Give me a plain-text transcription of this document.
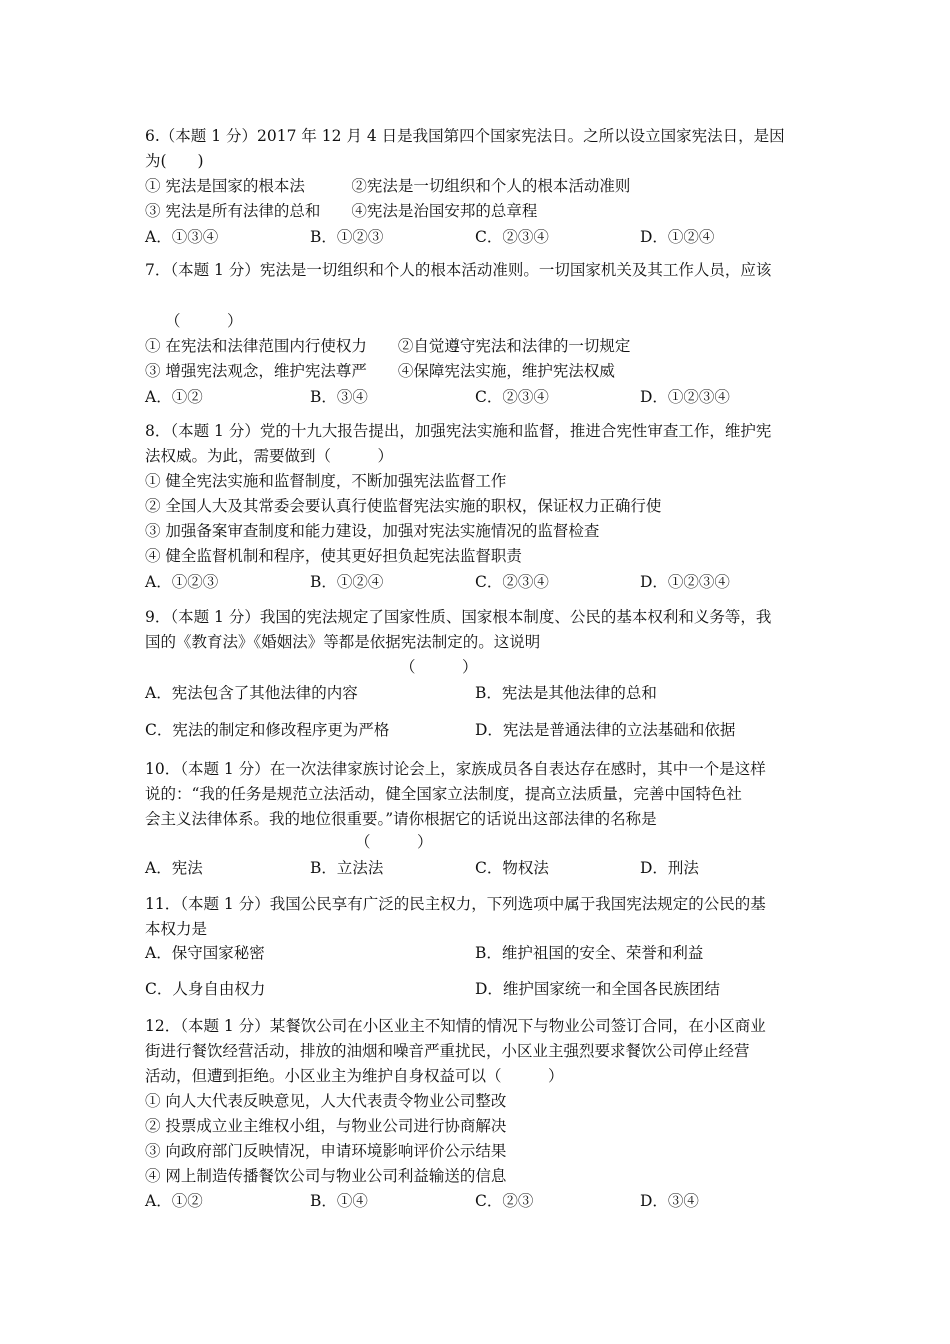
6.（本题 1 分）2017 年 12 月 4 日是我国第四个国家宪法日。之所以设立国家宪法日，是因
为(　　)
① 宪法是国家的根本法　　　②宪法是一切组织和个人的根本活动准则
③ 宪法是所有法律的总和　　④宪法是治国安邦的总章程
A．①③④	B．①②③	C．②③④	D．①②④
7．（本题 1 分）宪法是一切组织和个人的根本活动准则。一切国家机关及其工作人员，应该
（　　　）
① 在宪法和法律范围内行使权力　　②自觉遵守宪法和法律的一切规定
③ 增强宪法观念，维护宪法尊严　　④保障宪法实施，维护宪法权威
A．①②	B．③④	C．②③④	D．①②③④
8．（本题 1 分）党的十九大报告提出，加强宪法实施和监督，推进合宪性审查工作，维护宪
法权威。为此，需要做到（　　　）
① 健全宪法实施和监督制度，不断加强宪法监督工作
② 全国人大及其常委会要认真行使监督宪法实施的职权，保证权力正确行使
③ 加强备案审查制度和能力建设，加强对宪法实施情况的监督检查
④ 健全监督机制和程序，使其更好担负起宪法监督职责
A．①②③	B．①②④	C．②③④	D．①②③④
9．（本题 1 分）我国的宪法规定了国家性质、国家根本制度、公民的基本权利和义务等，我
国的《教育法》《婚姻法》等都是依据宪法制定的。这说明
（　　　）
A．宪法包含了其他法律的内容	B．宪法是其他法律的总和
C．宪法的制定和修改程序更为严格	D．宪法是普通法律的立法基础和依据
10．（本题 1 分）在一次法律家族讨论会上，家族成员各自表达存在感时，其中一个是这样
说的：“我的任务是规范立法活动，健全国家立法制度，提高立法质量，完善中国特色社
会主义法律体系。我的地位很重要。”请你根据它的话说出这部法律的名称是
（　　　）
A．宪法	B．立法法	C．物权法	D．刑法
11．（本题 1 分）我国公民享有广泛的民主权力，下列选项中属于我国宪法规定的公民的基
本权力是
A．保守国家秘密	B．维护祖国的安全、荣誉和利益
C．人身自由权力	D．维护国家统一和全国各民族团结
12．（本题 1 分）某餐饮公司在小区业主不知情的情况下与物业公司签订合同，在小区商业
街进行餐饮经营活动，排放的油烟和噪音严重扰民，小区业主强烈要求餐饮公司停止经营
活动，但遭到拒绝。小区业主为维护自身权益可以（　　　）
① 向人大代表反映意见，人大代表责令物业公司整改
② 投票成立业主维权小组，与物业公司进行协商解决
③ 向政府部门反映情况，申请环境影响评价公示结果
④ 网上制造传播餐饮公司与物业公司利益输送的信息
A．①②	B．①④	C．②③	D．③④
